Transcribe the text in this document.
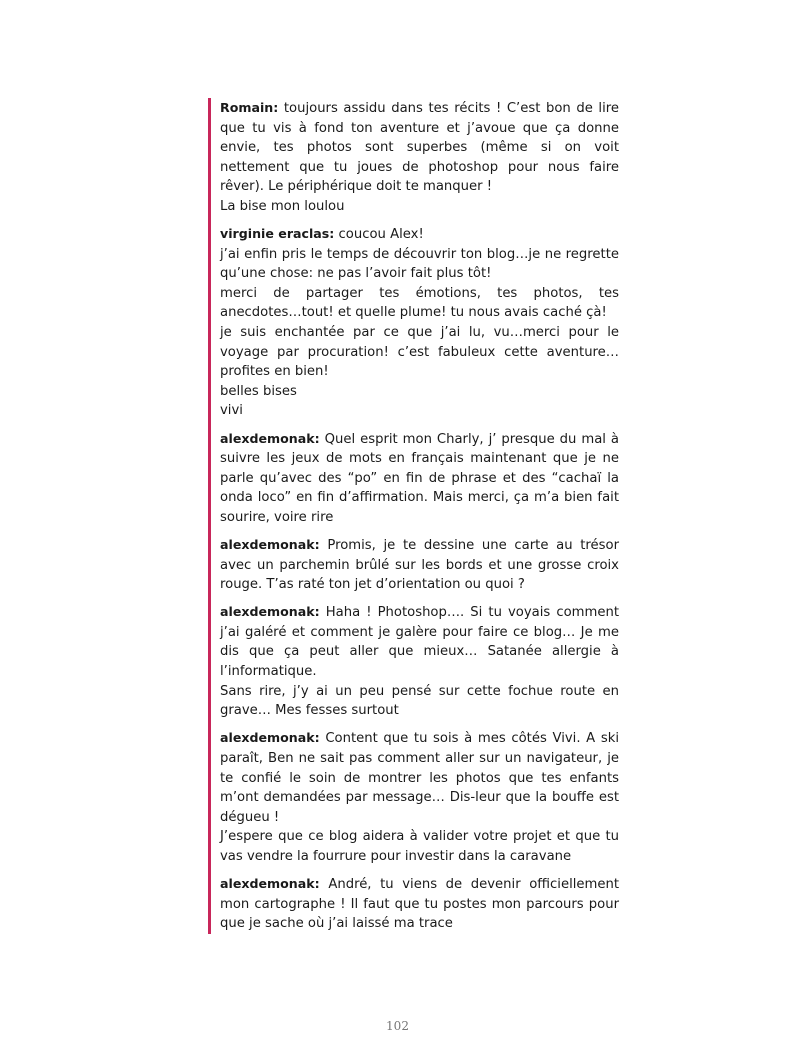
Romain: toujours assidu dans tes récits ! C’est bon de lire que tu vis à fond ton aventure et j’avoue que ça donne envie, tes photos sont superbes (même si on voit nettement que tu joues de photoshop pour nous faire rêver). Le périphérique doit te manquer !

La bise mon loulou

virginie eraclas: coucou Alex!

j’ai enfin pris le temps de découvrir ton blog…je ne regrette qu’une chose: ne pas l’avoir fait plus tôt!

merci de partager tes émotions, tes photos, tes anecdotes…tout! et quelle plume! tu nous avais caché çà!

je suis enchantée par ce que j’ai lu, vu…merci pour le voyage par procuration! c’est fabuleux cette aventure…profites en bien!

belles bises

vivi

alexdemonak: Quel esprit mon Charly, j’ presque du mal à suivre les jeux de mots en français maintenant que je ne parle qu’avec des “po” en fin de phrase et des “cachaï la onda loco” en fin d’affirmation. Mais merci, ça m’a bien fait sourire, voire rire

alexdemonak: Promis, je te dessine une carte au trésor avec un parchemin brûlé sur les bords et une grosse croix rouge. T’as raté ton jet d’orientation ou quoi ?

alexdemonak: Haha ! Photoshop…. Si tu voyais comment j’ai galéré et comment je galère pour faire ce blog… Je me dis que ça peut aller que mieux… Satanée allergie à l’informatique.

Sans rire, j’y ai un peu pensé sur cette fochue route en grave… Mes fesses surtout

alexdemonak: Content que tu sois à mes côtés Vivi. A ski paraît, Ben ne sait pas comment aller sur un navigateur, je te confié le soin de montrer les photos que tes enfants m’ont demandées par message… Dis-leur que la bouffe est dégueu !

J’espere que ce blog aidera à valider votre projet et que tu vas vendre la fourrure pour investir dans la caravane

alexdemonak: André, tu viens de devenir officiellement mon cartographe ! Il faut que tu postes mon parcours pour que je sache où j’ai laissé ma trace

102
